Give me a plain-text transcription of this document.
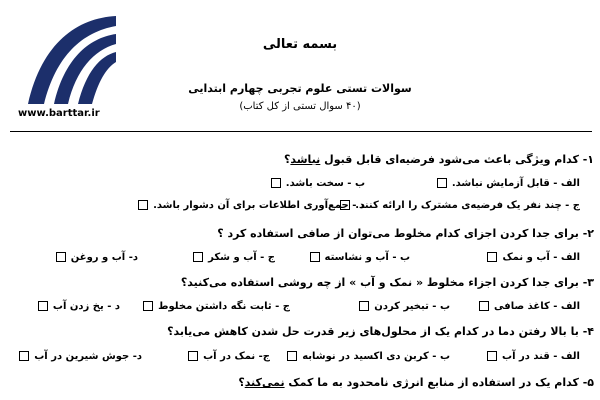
www.barttar.ir
بسمه تعالی
سوالات تستی علوم تجربی چهارم ابتدایی
(۴۰ سوال تستی از کل کتاب)
۱- کدام ویژگی باعث می‌شود فرضیه‌ای قابل قبول نباشد؟
الف - قابل آزمایش نباشد.
ب - سخت باشد.
ج - چند نفر یک فرضیه‌ی مشترک را ارائه کنند.
د - جمع‌آوری اطلاعات برای آن دشوار باشد.
۲- برای جدا کردن اجزای کدام مخلوط می‌توان از صافی استفاده کرد ؟
الف - آب و نمک
ب - آب و نشاسته
ج - آب و شکر
د- آب و روغن
۳- برای جدا کردن اجزاء مخلوط « نمک و آب » از چه روشی استفاده می‌کنید؟
الف - کاغذ صافی
ب - تبخیر کردن
ج - ثابت نگه داشتن مخلوط
د - یخ زدن آب
۴- با بالا رفتن دما در کدام یک از محلول‌های زیر قدرت حل شدن کاهش می‌یابد؟
الف - قند در آب
ب - کربن دی اکسید در نوشابه
ج- نمک در آب
د- جوش شیرین در آب
۵- کدام یک در استفاده از منابع انرژی نامحدود به ما کمک نمی‌کند؟
